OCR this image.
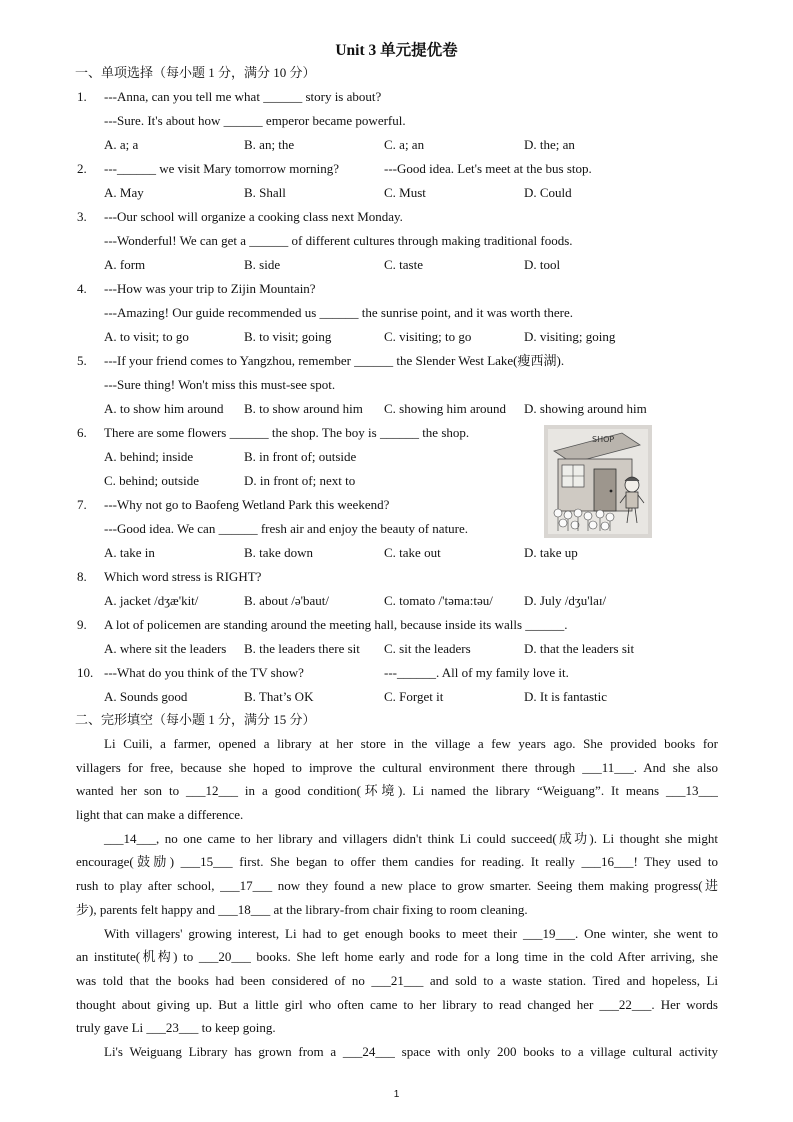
Unit 3 单元提优卷
一、单项选择（每小题 1 分，满分 10 分）
1.	---Anna, can you tell me what ______ story is about?
---Sure. It's about how ______ emperor became powerful.
A. a; a	B. an; the	C. a; an	D. the; an
2.	---______ we visit Mary tomorrow morning?	---Good idea. Let's meet at the bus stop.
A. May	B. Shall	C. Must	D. Could
3.	---Our school will organize a cooking class next Monday.
---Wonderful! We can get a ______ of different cultures through making traditional foods.
A. form	B. side	C. taste	D. tool
4.	---How was your trip to Zijin Mountain?
---Amazing! Our guide recommended us ______ the sunrise point, and it was worth there.
A. to visit; to go	B. to visit; going	C. visiting; to go	D. visiting; going
5.	---If your friend comes to Yangzhou, remember ______ the Slender West Lake(瘦西湖).
---Sure thing! Won't miss this must-see spot.
A. to show him around B. to show around him C. showing him around D. showing around him
6.	There are some flowers ______ the shop. The boy is ______ the shop.
A. behind; inside	B. in front of; outside
C. behind; outside	D. in front of; next to
SHOP
7.	---Why not go to Baofeng Wetland Park this weekend?
---Good idea. We can ______ fresh air and enjoy the beauty of nature.
A. take in	B. take down	C. take out	D. take up
8.	Which word stress is RIGHT?
A. jacket /dʒæ'kit/	B. about /ə'baut/	C. tomato /'təma:təu/ D. July /dʒu'laɪ/
9.	A lot of policemen are standing around the meeting hall, because inside its walls ______.
A. where sit the leaders B. the leaders there sit C. sit the leaders	D. that the leaders sit
10. ---What do you think of the TV show?	---______. All of my family love it.
A. Sounds good	B. That’s OK	C. Forget it	D. It is fantastic
二、完形填空（每小题 1 分，满分 15 分）
Li Cuili, a farmer, opened a library at her store in the village a few years ago. She provided books for
villagers for free, because she hoped to improve the cultural environment there through ___11___. And she also
wanted her son to ___12___ in a good condition(环境). Li named the library “Weiguang”. It means ___13___
light that can make a difference.
___14___, no one came to her library and villagers didn't think Li could succeed(成功). Li thought she might
encourage(鼓励) ___15___ first. She began to offer them candies for reading. It really ___16___! They used to
rush to play after school, ___17___ now they found a new place to grow smarter. Seeing them making progress(进
步), parents felt happy and ___18___ at the library-from chair fixing to room cleaning.
With villagers' growing interest, Li had to get enough books to meet their ___19___. One winter, she went to
an institute(机构) to ___20___ books. She left home early and rode for a long time in the cold After arriving, she
was told that the books had been considered of no ___21___ and sold to a waste station. Tired and hopeless, Li
thought about giving up. But a little girl who often came to her library to read changed her ___22___. Her words
truly gave Li ___23___ to keep going.
Li's Weiguang Library has grown from a ___24___ space with only 200 books to a village cultural activity
1
